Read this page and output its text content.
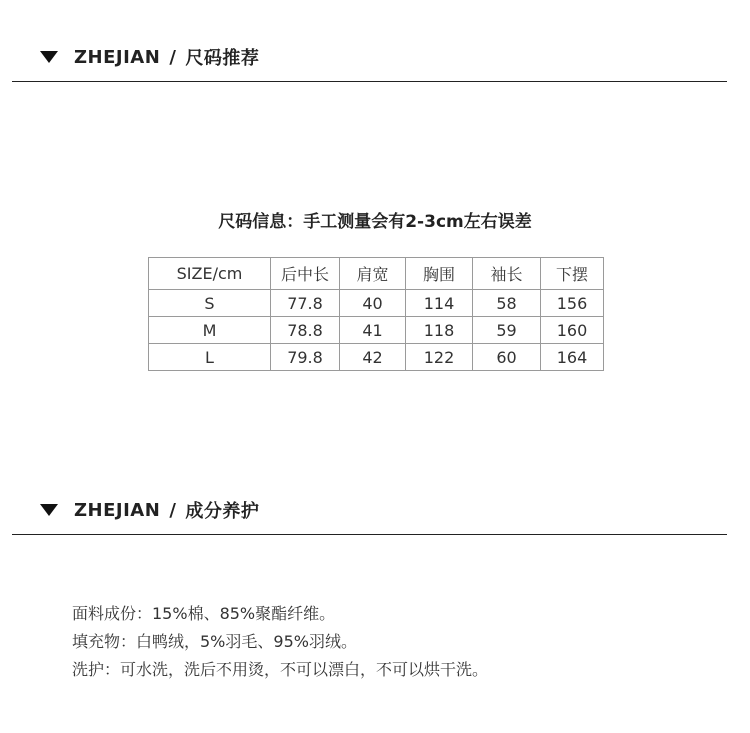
ZHEJIAN / 尺码推荐
尺码信息：手工测量会有2-3cm左右误差
SIZE/cm	后中长	肩宽	胸围	袖长	下摆
S	77.8	40	114	58	156
M	78.8	41	118	59	160
L	79.8	42	122	60	164
ZHEJIAN / 成分养护
面料成份：15%棉、85%聚酯纤维。
填充物：白鸭绒，5%羽毛、95%羽绒。
洗护：可水洗，洗后不用烫，不可以漂白，不可以烘干洗。
